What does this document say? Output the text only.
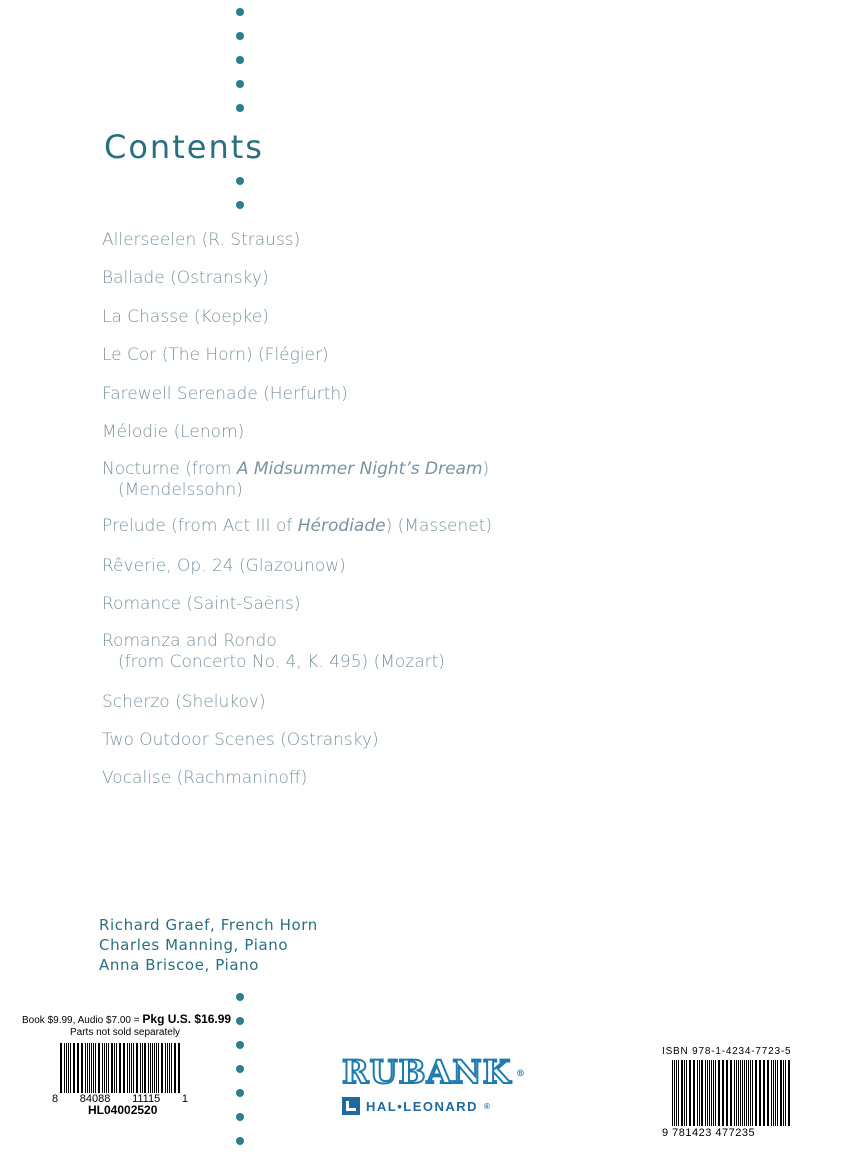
Contents
Allerseelen (R. Strauss)
Ballade (Ostransky)
La Chasse (Koepke)
Le Cor (The Horn) (Flégier)
Farewell Serenade (Herfurth)
Mélodie (Lenom)
Nocturne (from A Midsummer Night’s Dream)
(Mendelssohn)
Prelude (from Act III of Hérodiade) (Massenet)
Rêverie, Op. 24 (Glazounow)
Romance (Saint-Saëns)
Romanza and Rondo
(from Concerto No. 4, K. 495) (Mozart)
Scherzo (Shelukov)
Two Outdoor Scenes (Ostransky)
Vocalise (Rachmaninoff)
Richard Graef, French Horn
Charles Manning, Piano
Anna Briscoe, Piano
Book $9.99, Audio $7.00 = Pkg U.S. $16.99
Parts not sold separately
8 84088 11115 1
HL04002520
RUBANK ®
HAL•LEONARD ®
ISBN 978-1-4234-7723-5
9 781423 477235
